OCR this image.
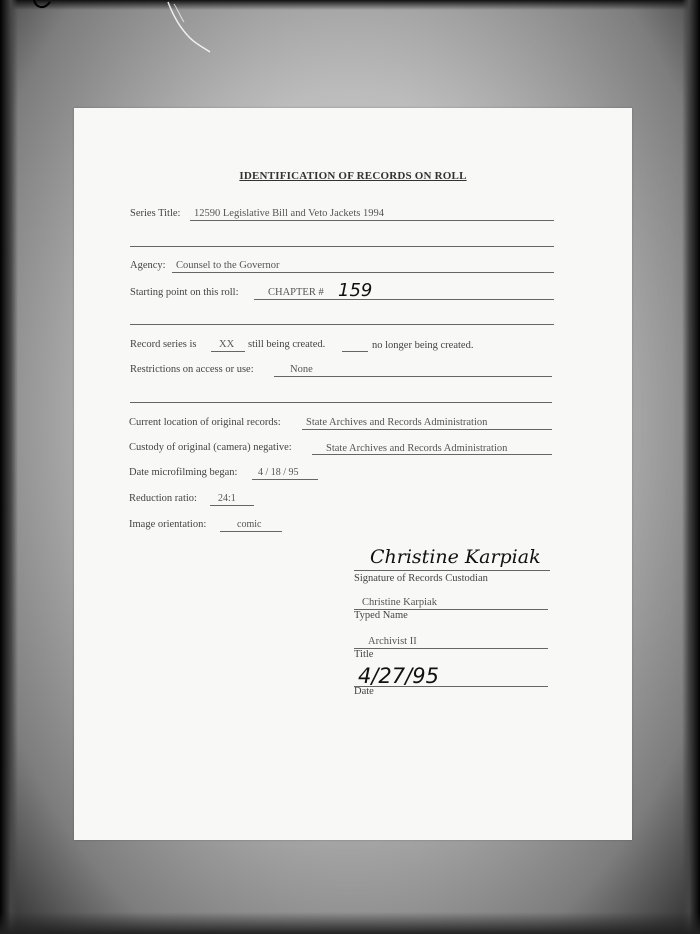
IDENTIFICATION OF RECORDS ON ROLL
Series Title: 12590 Legislative Bill and Veto Jackets 1994
Agency: Counsel to the Governor
Starting point on this roll:	CHAPTER # 159
Record series is XX still being created.	no longer being created.
Restrictions on access or use:	None
Current location of original records: State Archives and Records Administration
Custody of original (camera) negative:	State Archives and Records Administration
Date microfilming began: 4 / 18 / 95
Reduction ratio: 24:1
Image orientation:	comic
Christine Karpiak
Signature of Records Custodian
Christine Karpiak
Typed Name
Archivist II
Title
4/27/95
Date
